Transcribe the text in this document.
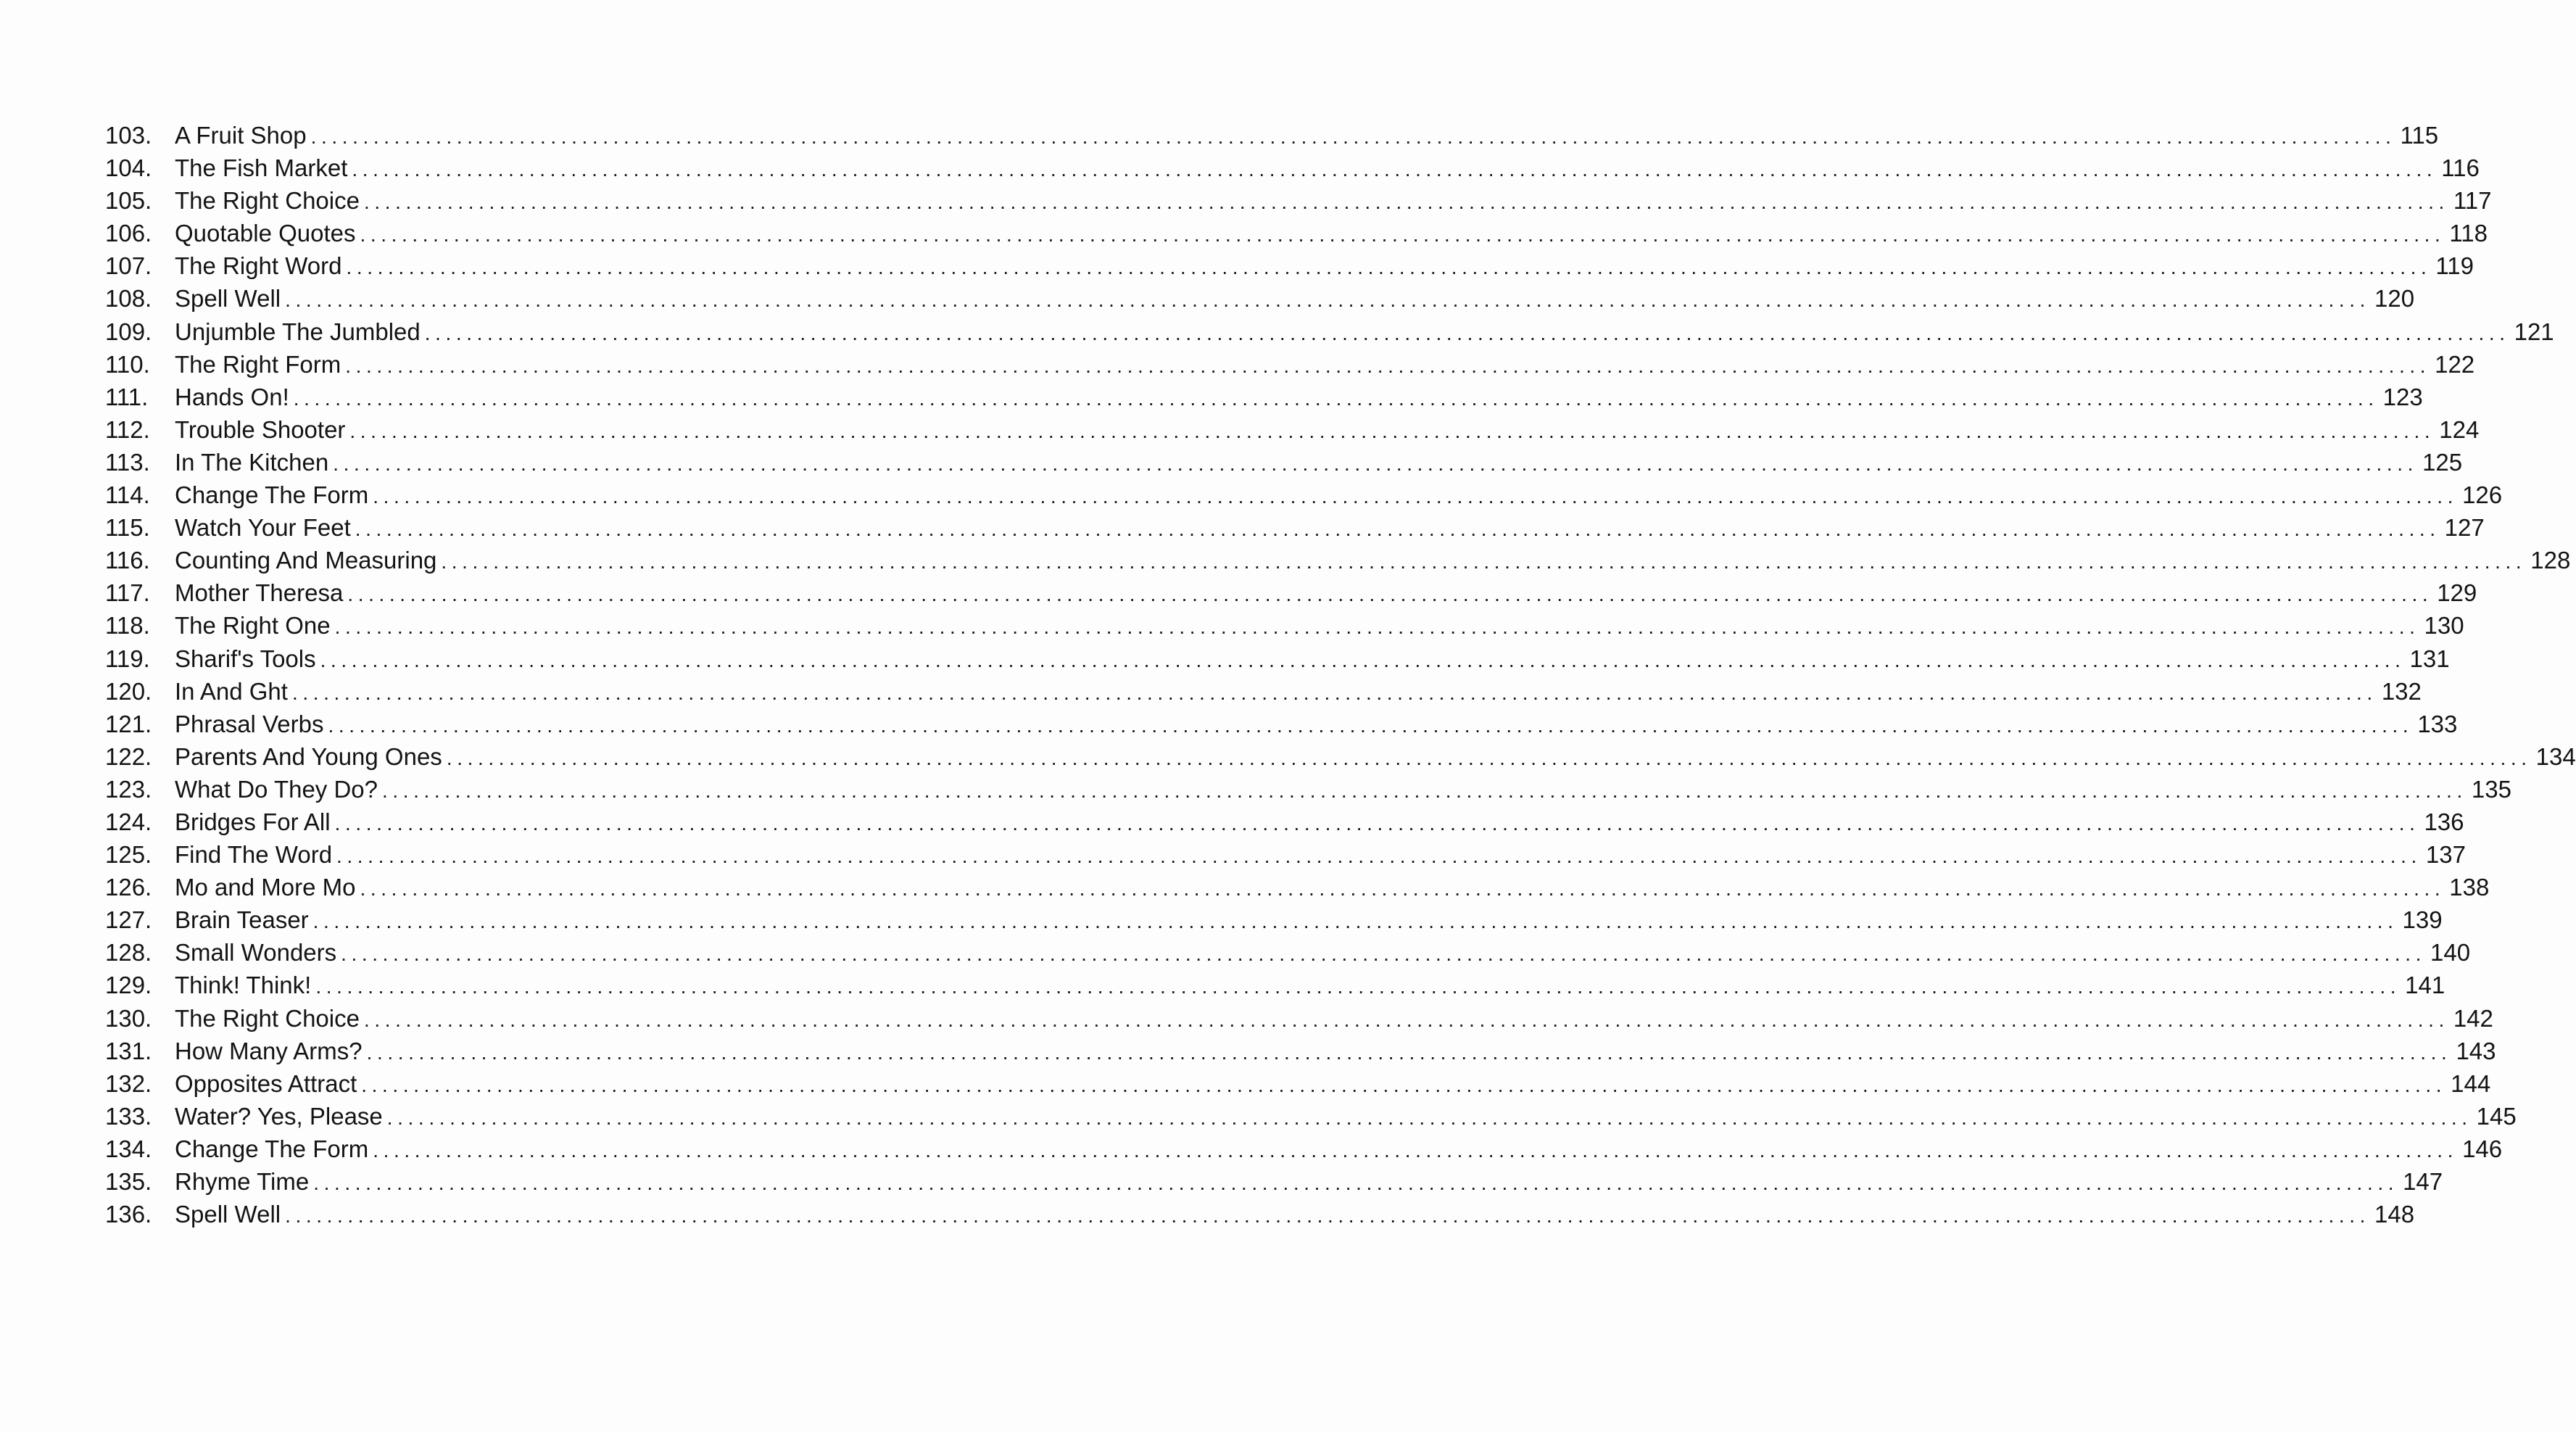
103. A Fruit Shop ........................................................................................................................................................................................................ 115
104. The Fish Market ........................................................................................................................................................................................................ 116
105. The Right Choice ........................................................................................................................................................................................................ 117
106. Quotable Quotes ........................................................................................................................................................................................................ 118
107. The Right Word ........................................................................................................................................................................................................ 119
108. Spell Well ........................................................................................................................................................................................................ 120
109. Unjumble The Jumbled ........................................................................................................................................................................................................ 121
110.	The Right Form ........................................................................................................................................................................................................ 122
111.	Hands On! ........................................................................................................................................................................................................ 123
112.	Trouble Shooter ........................................................................................................................................................................................................ 124
113.	In The Kitchen ........................................................................................................................................................................................................ 125
114.	Change The Form ........................................................................................................................................................................................................ 126
115.	Watch Your Feet ........................................................................................................................................................................................................ 127
116.	Counting And Measuring ........................................................................................................................................................................................................ 128
117.	Mother Theresa ........................................................................................................................................................................................................ 129
118.	The Right One ........................................................................................................................................................................................................ 130
119.	Sharif's Tools ........................................................................................................................................................................................................ 131
120. In And Ght ........................................................................................................................................................................................................ 132
121. Phrasal Verbs ........................................................................................................................................................................................................ 133
122. Parents And Young Ones ........................................................................................................................................................................................................ 134
123. What Do They Do? ........................................................................................................................................................................................................ 135
124. Bridges For All ........................................................................................................................................................................................................ 136
125. Find The Word ........................................................................................................................................................................................................ 137
126. Mo and More Mo ........................................................................................................................................................................................................ 138
127. Brain Teaser ........................................................................................................................................................................................................ 139
128. Small Wonders ........................................................................................................................................................................................................ 140
129. Think! Think! ........................................................................................................................................................................................................ 141
130. The Right Choice ........................................................................................................................................................................................................ 142
131. How Many Arms? ........................................................................................................................................................................................................ 143
132. Opposites Attract ........................................................................................................................................................................................................ 144
133. Water? Yes, Please ........................................................................................................................................................................................................ 145
134. Change The Form ........................................................................................................................................................................................................ 146
135. Rhyme Time ........................................................................................................................................................................................................ 147
136. Spell Well ........................................................................................................................................................................................................ 148
